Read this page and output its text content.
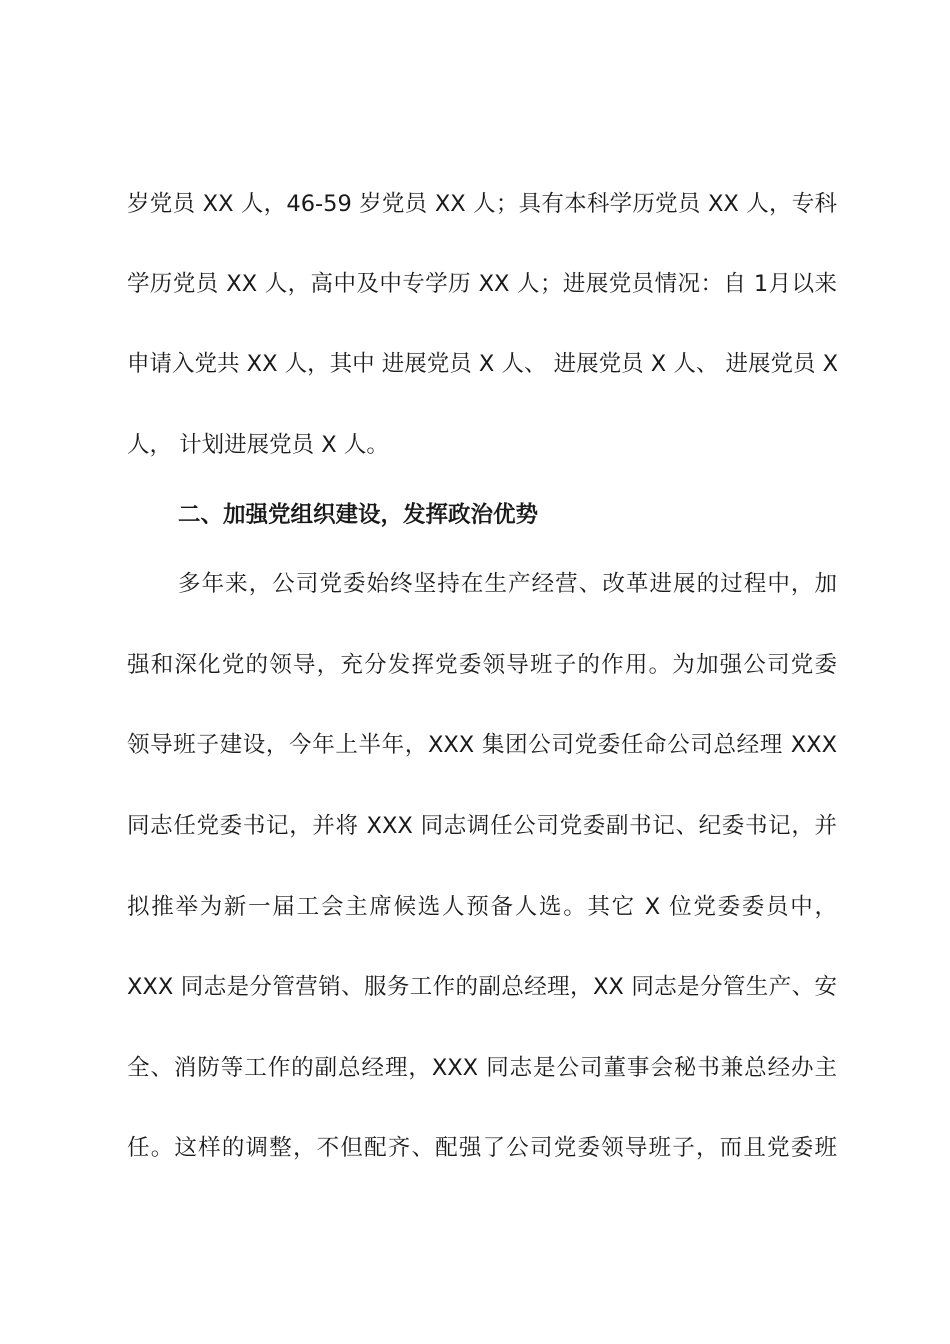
岁党员 XX 人，46-59 岁党员 XX 人；具有本科学历党员 XX 人，专科
学历党员 XX 人，高中及中专学历 XX 人；进展党员情况：自 1月以来
申请入党共 XX 人，其中 进展党员 X 人、 进展党员 X 人、 进展党员 X
人， 计划进展党员 X 人。
二、加强党组织建设，发挥政治优势
多年来，公司党委始终坚持在生产经营、改革进展的过程中，加
强和深化党的领导，充分发挥党委领导班子的作用。为加强公司党委
领导班子建设，今年上半年，XXX 集团公司党委任命公司总经理 XXX
同志任党委书记，并将 XXX 同志调任公司党委副书记、纪委书记，并
拟推举为新一届工会主席候选人预备人选。其它 X 位党委委员中，
XXX 同志是分管营销、服务工作的副总经理，XX 同志是分管生产、安
全、消防等工作的副总经理，XXX 同志是公司董事会秘书兼总经办主
任。这样的调整，不但配齐、配强了公司党委领导班子，而且党委班
